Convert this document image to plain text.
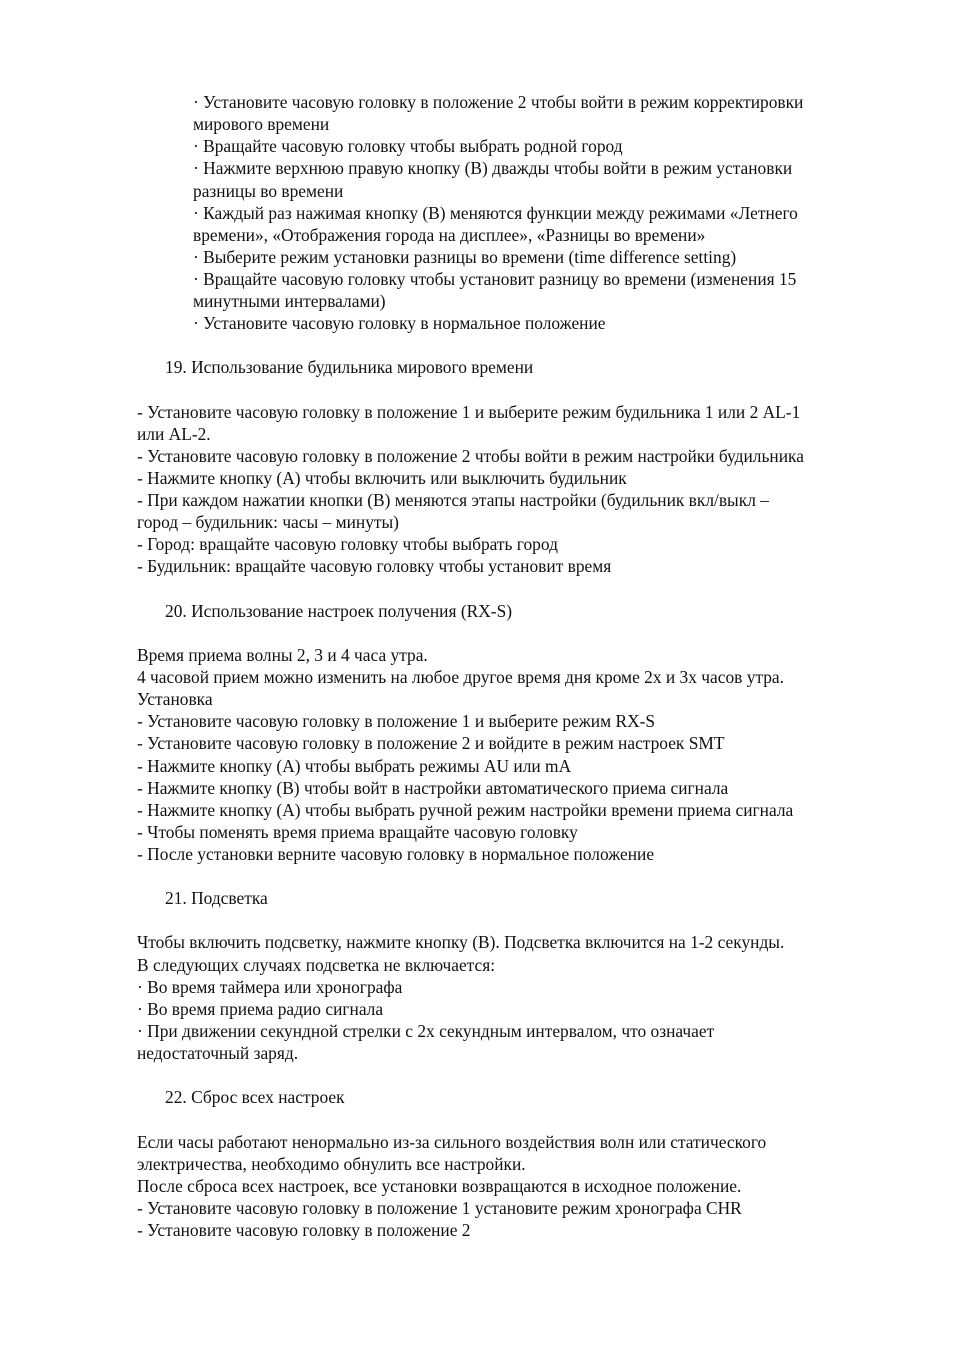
· Установите часовую головку в положение 2 чтобы войти в режим корректировки
мирового времени
· Вращайте часовую головку чтобы выбрать родной город
· Нажмите верхнюю правую кнопку (B) дважды чтобы войти в режим установки
разницы во времени
· Каждый раз нажимая кнопку (B) меняются функции между режимами «Летнего
времени», «Отображения города на дисплее», «Разницы во времени»
· Выберите режим установки разницы во времени (time difference setting)
· Вращайте часовую головку чтобы установит разницу во времени (изменения 15
минутными интервалами)
· Установите часовую головку в нормальное положение
19. Использование будильника мирового времени
- Установите часовую головку в положение 1 и выберите режим будильника 1 или 2 AL-1
или AL-2.
- Установите часовую головку в положение 2 чтобы войти в режим настройки будильника
- Нажмите кнопку (A) чтобы включить или выключить будильник
- При каждом нажатии кнопки (B) меняются этапы настройки (будильник вкл/выкл –
город – будильник: часы – минуты)
- Город: вращайте часовую головку чтобы выбрать город
- Будильник: вращайте часовую головку чтобы установит время
20. Использование настроек получения (RX-S)
Время приема волны 2, 3 и 4 часа утра.
4 часовой прием можно изменить на любое другое время дня кроме 2х и 3х часов утра.
Установка
- Установите часовую головку в положение 1 и выберите режим RX-S
- Установите часовую головку в положение 2 и войдите в режим настроек SMT
- Нажмите кнопку (A) чтобы выбрать режимы AU или mA
- Нажмите кнопку (B) чтобы войт в настройки автоматического приема сигнала
- Нажмите кнопку (A) чтобы выбрать ручной режим настройки времени приема сигнала
- Чтобы поменять время приема вращайте часовую головку
- После установки верните часовую головку в нормальное положение
21. Подсветка
Чтобы включить подсветку, нажмите кнопку (B). Подсветка включится на 1-2 секунды.
В следующих случаях подсветка не включается:
· Во время таймера или хронографа
· Во время приема радио сигнала
· При движении секундной стрелки с 2х секундным интервалом, что означает
недостаточный заряд.
22. Сброс всех настроек
Если часы работают ненормально из-за сильного воздействия волн или статического
электричества, необходимо обнулить все настройки.
После сброса всех настроек, все установки возвращаются в исходное положение.
- Установите часовую головку в положение 1 установите режим хронографа CHR
- Установите часовую головку в положение 2
